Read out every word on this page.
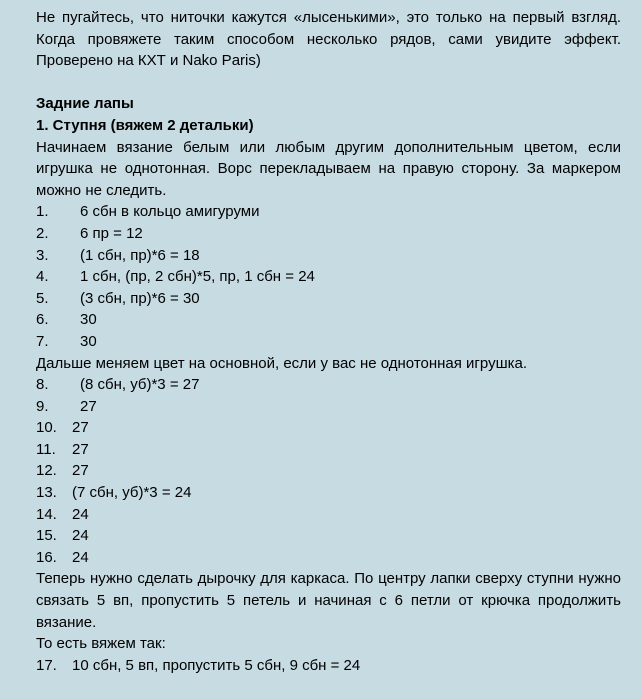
Не пугайтесь, что ниточки кажутся «лысенькими», это только на первый взгляд. Когда провяжете таким способом несколько рядов, сами увидите эффект. Проверено на КХТ и Nako Paris)

Задние лапы

1. Ступня (вяжем 2 детальки)

Начинаем вязание белым или любым другим дополнительным цветом, если игрушка не однотонная. Ворс перекладываем на правую сторону. За маркером можно не следить.

1.	6 сбн в кольцо амигуруми
2.	6 пр = 12
3.	(1 сбн, пр)*6 = 18
4.	1 сбн, (пр, 2 сбн)*5, пр, 1 сбн = 24
5.	(3 сбн, пр)*6 = 30
6.	30
7.	30

Дальше меняем цвет на основной, если у вас не однотонная игрушка.

8.	(8 сбн, уб)*3 = 27
9.	27
10.	27
11.	27
12.	27
13.	(7 сбн, уб)*3 = 24
14.	24
15.	24
16.	24

Теперь нужно сделать дырочку для каркаса. По центру лапки сверху ступни нужно связать 5 вп, пропустить 5 петель и начиная с 6 петли от крючка продолжить вязание.

То есть вяжем так:

17.	10 сбн, 5 вп, пропустить 5 сбн, 9 сбн = 24
